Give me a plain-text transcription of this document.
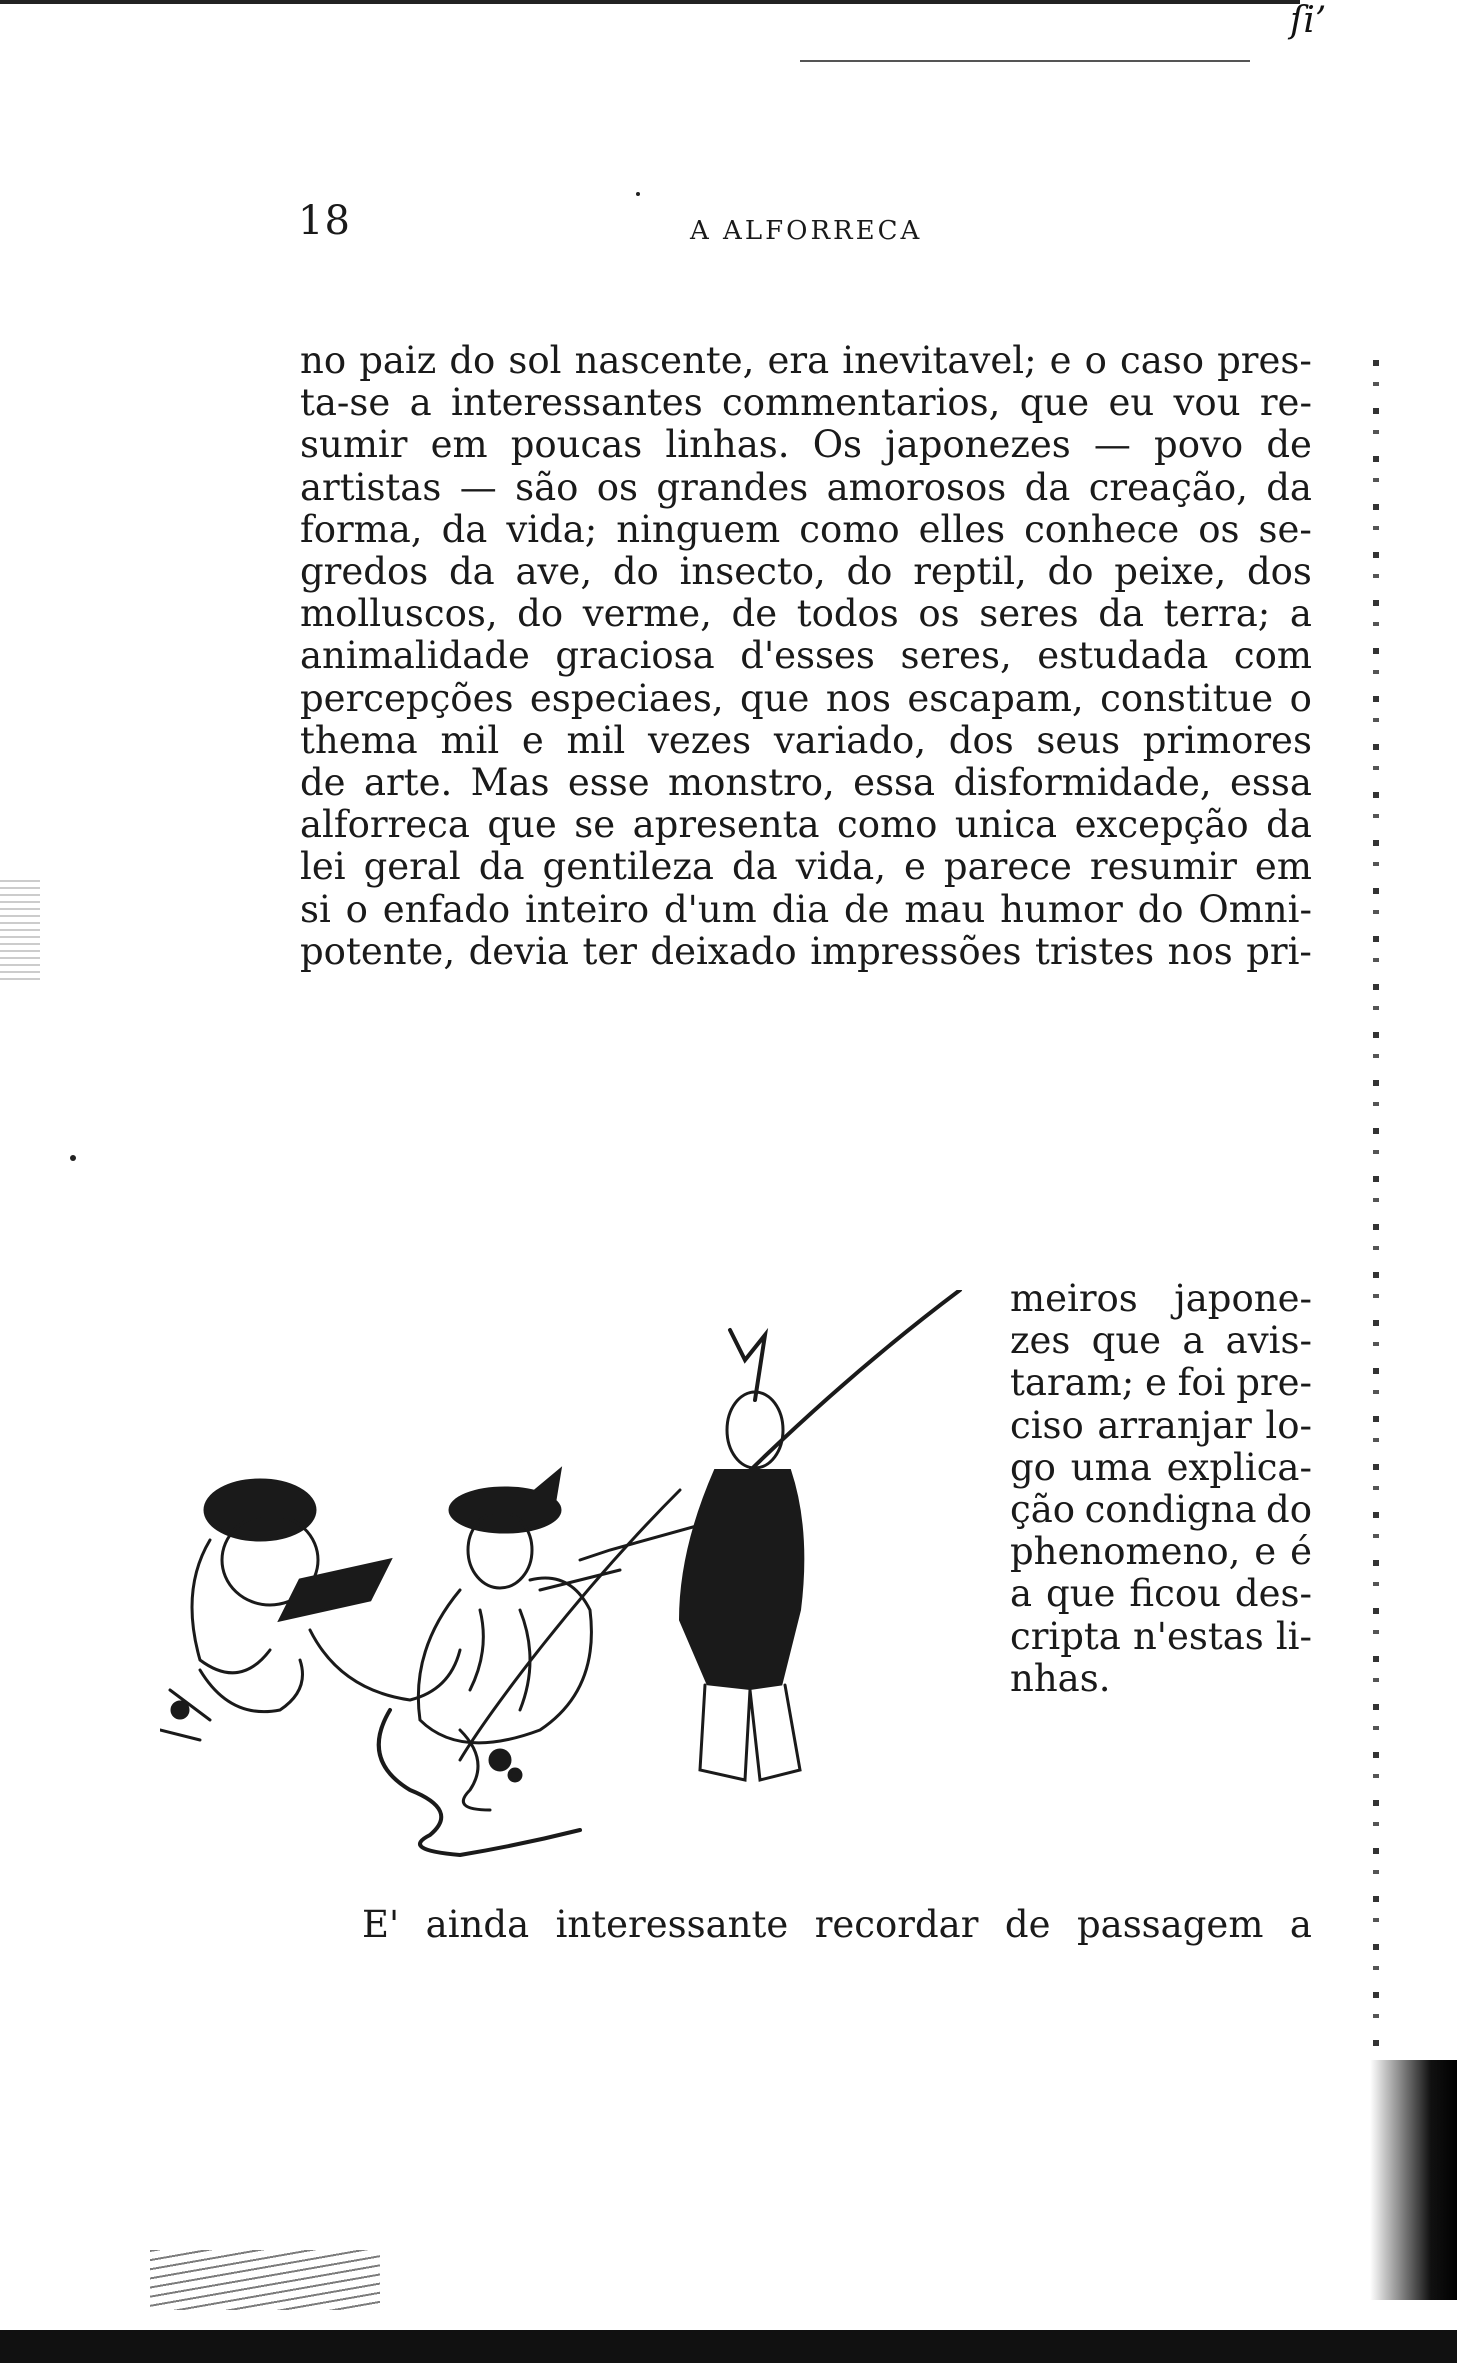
ſi’
18	A ALFORRECA
no paiz do sol nascente, era inevitavel; e o caso pres-
ta-se a interessantes commentarios, que eu vou re-
sumir em poucas linhas. Os japonezes — povo de
artistas — são os grandes amorosos da creação, da
forma, da vida; ninguem como elles conhece os se-
gredos da ave, do insecto, do reptil, do peixe, dos
molluscos, do verme, de todos os seres da terra; a
animalidade graciosa d'esses seres, estudada com
percepções especiaes, que nos escapam, constitue o
thema mil e mil vezes variado, dos seus primores
de arte. Mas esse monstro, essa disformidade, essa
alforreca que se apresenta como unica excepção da
lei geral da gentileza da vida, e parece resumir em
si o enfado inteiro d'um dia de mau humor do Omni-
potente, devia ter deixado impressões tristes nos pri-
meiros japone-
zes que a avis-
taram; e foi pre-
ciso arranjar lo-
go uma explica-
ção condigna do
phenomeno, e é
a que ficou des-
cripta n'estas li-
nhas.
E' ainda interessante recordar de passagem a
